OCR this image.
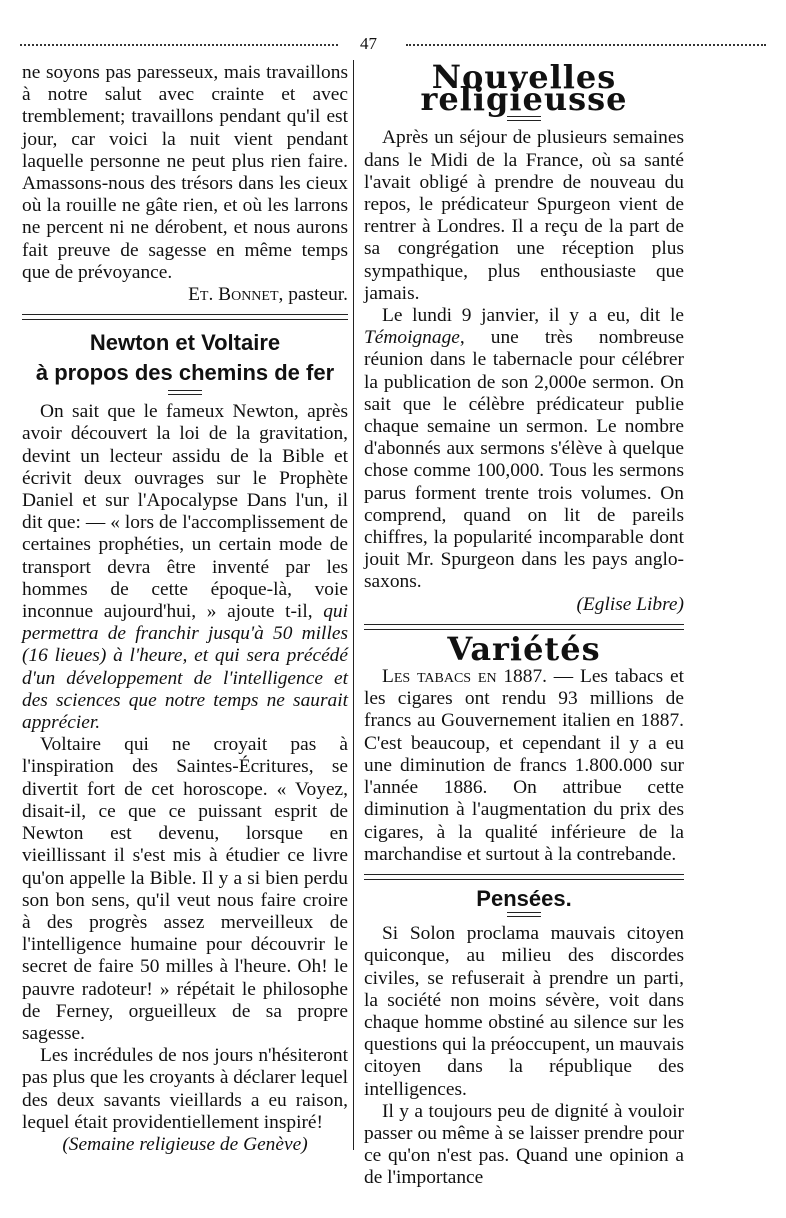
47

ne soyons pas paresseux, mais travaillons à notre salut avec crainte et avec tremblement; travaillons pendant qu'il est jour, car voici la nuit vient pendant laquelle personne ne peut plus rien faire. Amassons-nous des trésors dans les cieux où la rouille ne gâte rien, et où les larrons ne percent ni ne dérobent, et nous aurons fait preuve de sagesse en même temps que de prévoyance.

Et. Bonnet, pasteur.

Newton et Voltaire
à propos des chemins de fer

On sait que le fameux Newton, après avoir découvert la loi de la gravitation, devint un lecteur assidu de la Bible et écrivit deux ouvrages sur le Prophète Daniel et sur l'Apocalypse Dans l'un, il dit que: — « lors de l'accomplissement de certaines prophéties, un certain mode de transport devra être inventé par les hommes de cette époque-là, voie inconnue aujourd'hui, » ajoute t-il, qui permettra de franchir jusqu'à 50 milles (16 lieues) à l'heure, et qui sera précédé d'un développement de l'intelligence et des sciences que notre temps ne saurait apprécier.

Voltaire qui ne croyait pas à l'inspiration des Saintes-Écritures, se divertit fort de cet horoscope. « Voyez, disait-il, ce que ce puissant esprit de Newton est devenu, lorsque en vieillissant il s'est mis à étudier ce livre qu'on appelle la Bible. Il y a si bien perdu son bon sens, qu'il veut nous faire croire à des progrès assez merveilleux de l'intelligence humaine pour découvrir le secret de faire 50 milles à l'heure. Oh! le pauvre radoteur! » répétait le philosophe de Ferney, orgueilleux de sa propre sagesse.

Les incrédules de nos jours n'hésiteront pas plus que les croyants à déclarer lequel des deux savants vieillards a eu raison, lequel était providentiellement inspiré!

(Semaine religieuse de Genève)

Nouvelles religieusse

Après un séjour de plusieurs semaines dans le Midi de la France, où sa santé l'avait obligé à prendre de nouveau du repos, le prédicateur Spurgeon vient de rentrer à Londres. Il a reçu de la part de sa congrégation une réception plus sympathique, plus enthousiaste que jamais.

Le lundi 9 janvier, il y a eu, dit le Témoignage, une très nombreuse réunion dans le tabernacle pour célébrer la publication de son 2,000e sermon. On sait que le célèbre prédicateur publie chaque semaine un sermon. Le nombre d'abonnés aux sermons s'élève à quelque chose comme 100,000. Tous les sermons parus forment trente trois volumes. On comprend, quand on lit de pareils chiffres, la popularité incomparable dont jouit Mr. Spurgeon dans les pays anglo-saxons.

(Eglise Libre)

Variétés

Les tabacs en 1887. — Les tabacs et les cigares ont rendu 93 millions de francs au Gouvernement italien en 1887. C'est beaucoup, et cependant il y a eu une diminution de francs 1.800.000 sur l'année 1886. On attribue cette diminution à l'augmentation du prix des cigares, à la qualité inférieure de la marchandise et surtout à la contrebande.

Pensées.

Si Solon proclama mauvais citoyen quiconque, au milieu des discordes civiles, se refuserait à prendre un parti, la société non moins sévère, voit dans chaque homme obstiné au silence sur les questions qui la préoccupent, un mauvais citoyen dans la république des intelligences.

Il y a toujours peu de dignité à vouloir passer ou même à se laisser prendre pour ce qu'on n'est pas. Quand une opinion a de l'importance
